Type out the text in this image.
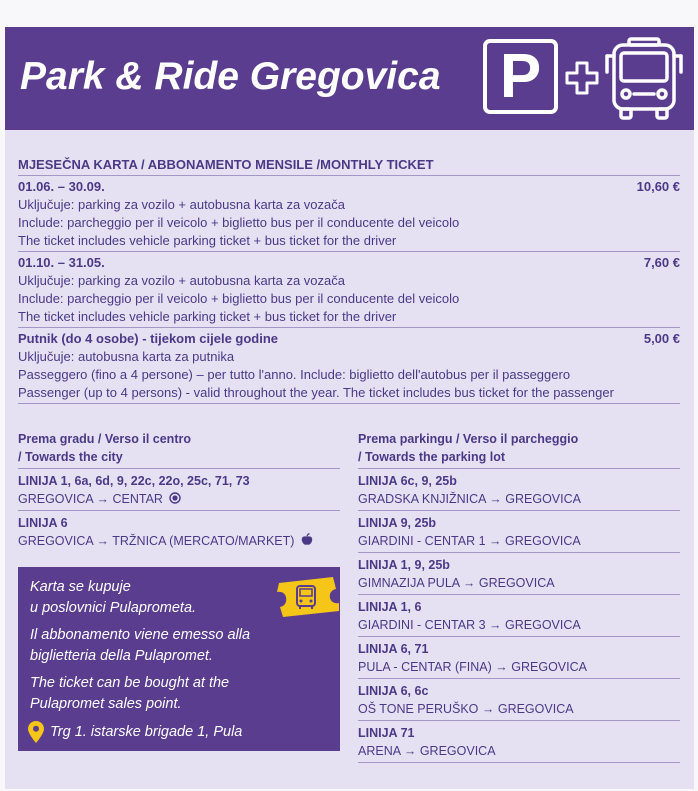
Park & Ride Gregovica P
MJESEČNA KARTA / ABBONAMENTO MENSILE /MONTHLY TICKET
01.06. – 30.09.	10,60 €
Uključuje: parking za vozilo + autobusna karta za vozača
Include: parcheggio per il veicolo + biglietto bus per il conducente del veicolo
The ticket includes vehicle parking ticket + bus ticket for the driver
01.10. – 31.05.	7,60 €
Uključuje: parking za vozilo + autobusna karta za vozača
Include: parcheggio per il veicolo + biglietto bus per il conducente del veicolo
The ticket includes vehicle parking ticket + bus ticket for the driver
Putnik (do 4 osobe) - tijekom cijele godine	5,00 €
Uključuje: autobusna karta za putnika
Passeggero (fino a 4 persone) – per tutto l'anno. Include: biglietto dell'autobus per il passeggero
Passenger (up to 4 persons) - valid throughout the year. The ticket includes bus ticket for the passenger
Prema gradu / Verso il centro
/ Towards the city
LINIJA 1, 6a, 6d, 9, 22c, 22o, 25c, 71, 73
GREGOVICA → CENTAR
LINIJA 6
GREGOVICA → TRŽNICA (MERCATO/MARKET)

Karta se kupuje

u poslovnici Pulaprometa.

Il abbonamento viene emesso alla

biglietteria della Pulapromet.

The ticket can be bought at the

Pulapromet sales point.

Trg 1. istarske brigade 1, Pula

Prema parkingu / Verso il parcheggio
/ Towards the parking lot
LINIJA 6c, 9, 25b
GRADSKA KNJIŽNICA → GREGOVICA
LINIJA 9, 25b
GIARDINI - CENTAR 1 → GREGOVICA
LINIJA 1, 9, 25b
GIMNAZIJA PULA → GREGOVICA
LINIJA 1, 6
GIARDINI - CENTAR 3 → GREGOVICA
LINIJA 6, 71
PULA - CENTAR (FINA) → GREGOVICA
LINIJA 6, 6c
OŠ TONE PERUŠKO → GREGOVICA
LINIJA 71
ARENA → GREGOVICA
